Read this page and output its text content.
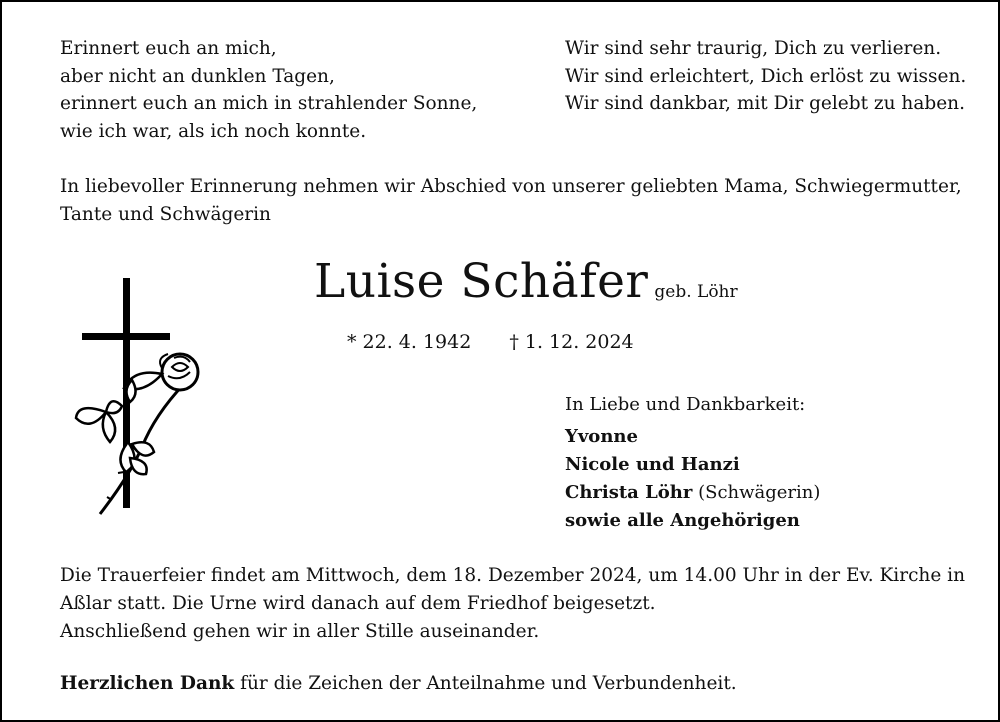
Erinnert euch an mich,
aber nicht an dunklen Tagen,
erinnert euch an mich in strahlender Sonne,
wie ich war, als ich noch konnte.
Wir sind sehr traurig, Dich zu verlieren.
Wir sind erleichtert, Dich erlöst zu wissen.
Wir sind dankbar, mit Dir gelebt zu haben.
In liebevoller Erinnerung nehmen wir Abschied von unserer geliebten Mama, Schwiegermutter,
Tante und Schwägerin
Luise Schäfer geb. Löhr
* 22. 4. 1942 † 1. 12. 2024
In Liebe und Dankbarkeit:
Yvonne
Nicole und Hanzi
Christa Löhr (Schwägerin)
sowie alle Angehörigen
Die Trauerfeier findet am Mittwoch, dem 18. Dezember 2024, um 14.00 Uhr in der Ev. Kirche in
Aßlar statt. Die Urne wird danach auf dem Friedhof beigesetzt.
Anschließend gehen wir in aller Stille auseinander.
Herzlichen Dank für die Zeichen der Anteilnahme und Verbundenheit.
